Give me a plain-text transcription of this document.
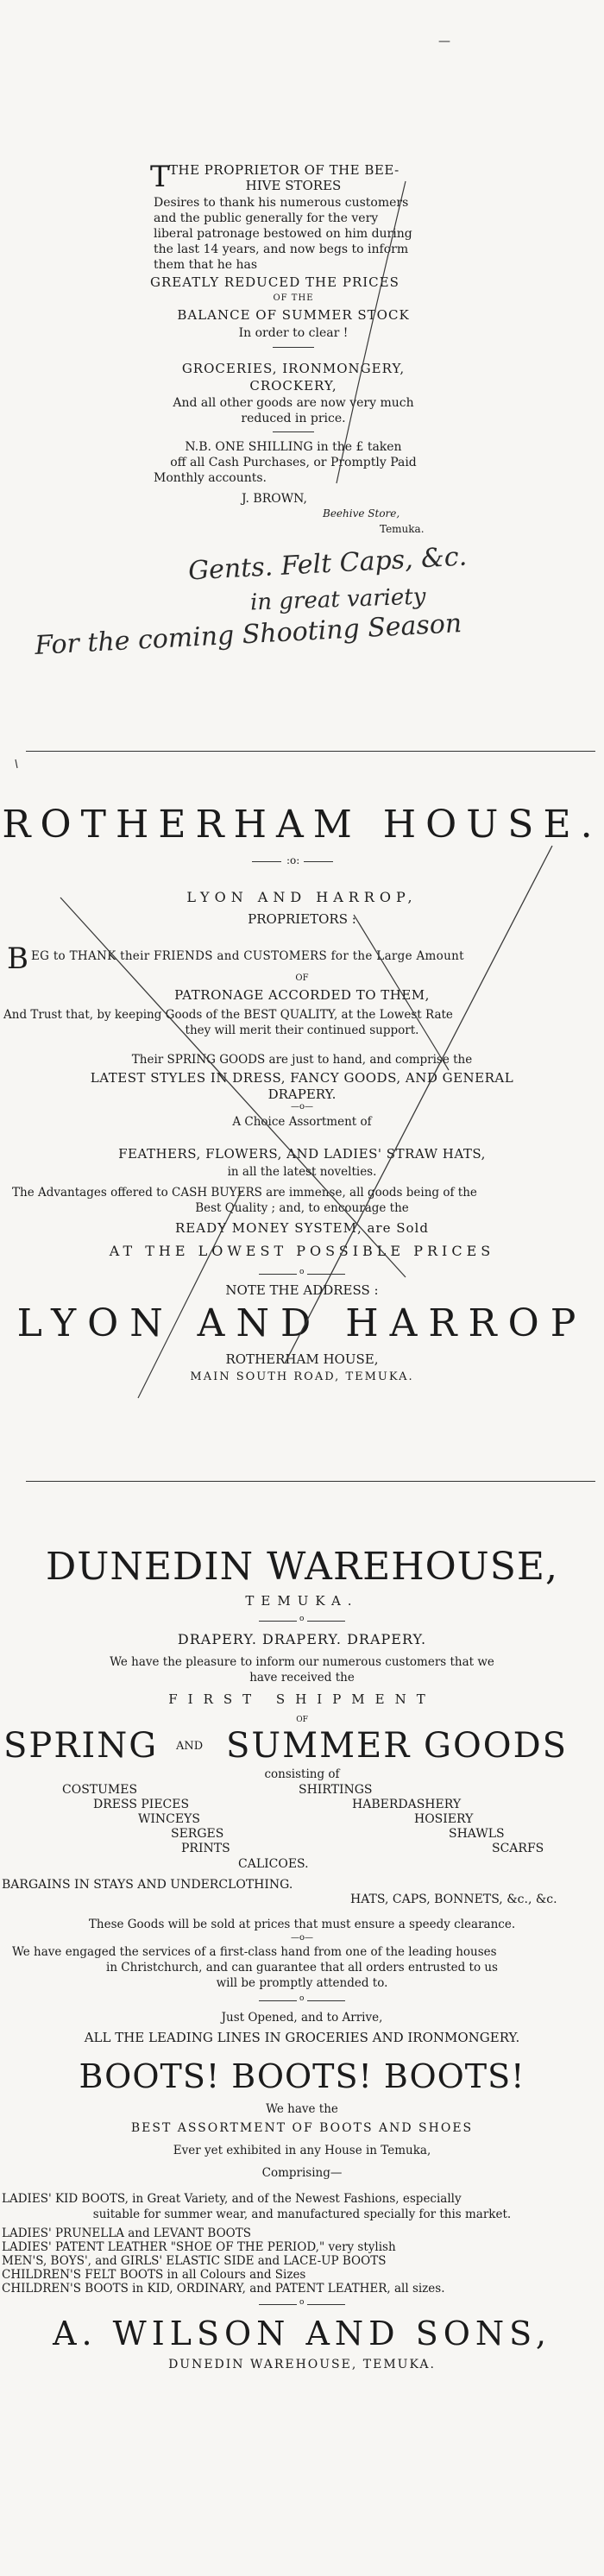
—
T THE PROPRIETOR OF THE BEE-
HIVE STORES
Desires to thank his numerous customers
and the public generally for the very
liberal patronage bestowed on him during
the last 14 years, and now begs to inform
them that he has
GREATLY REDUCED THE PRICES
OF THE
BALANCE OF SUMMER STOCK
In order to clear !
GROCERIES, IRONMONGERY,
CROCKERY,
And all other goods are now very much
reduced in price.
N.B. ONE SHILLING in the £ taken
off all Cash Purchases, or Promptly Paid
Monthly accounts.
J. BROWN,
Beehive Store,
Temuka.
Gents. Felt Caps, &c.
in great variety
For the coming Shooting Season
ROTHERHAM HOUSE.
:o:
LYON AND HARROP,
PROPRIETORS :
B EG to THANK their FRIENDS and CUSTOMERS for the Large Amount
OF
PATRONAGE ACCORDED TO THEM,
And Trust that, by keeping Goods of the BEST QUALITY, at the Lowest Rate
they will merit their continued support.
Their SPRING GOODS are just to hand, and comprise the
LATEST STYLES IN DRESS, FANCY GOODS, AND GENERAL
DRAPERY.
—o—
A Choice Assortment of
FEATHERS, FLOWERS, AND LADIES' STRAW HATS,
in all the latest novelties.
The Advantages offered to CASH BUYERS are immense, all goods being of the
Best Quality ; and, to encourage the
READY MONEY SYSTEM, are Sold
AT THE LOWEST POSSIBLE PRICES
o
NOTE THE ADDRESS :
LYON AND HARROP
ROTHERHAM HOUSE,
MAIN SOUTH ROAD, TEMUKA.
DUNEDIN WAREHOUSE,
TEMUKA.
o
DRAPERY. DRAPERY. DRAPERY.
We have the pleasure to inform our numerous customers that we
have received the
FIRST SHIPMENT
OF
SPRING AND SUMMER GOODS
consisting of
COSTUMES	SHIRTINGS
DRESS PIECES	HABERDASHERY
WINCEYS	HOSIERY
SERGES	SHAWLS
PRINTS	SCARFS
CALICOES.
BARGAINS IN STAYS AND UNDERCLOTHING.
HATS, CAPS, BONNETS, &c., &c.
These Goods will be sold at prices that must ensure a speedy clearance.
—o—
We have engaged the services of a first-class hand from one of the leading houses
in Christchurch, and can guarantee that all orders entrusted to us
will be promptly attended to.
o
Just Opened, and to Arrive,
ALL THE LEADING LINES IN GROCERIES AND IRONMONGERY.
BOOTS! BOOTS! BOOTS!
We have the
BEST ASSORTMENT OF BOOTS AND SHOES
Ever yet exhibited in any House in Temuka,
Comprising—
LADIES' KID BOOTS, in Great Variety, and of the Newest Fashions, especially
suitable for summer wear, and manufactured specially for this market.
LADIES' PRUNELLA and LEVANT BOOTS
LADIES' PATENT LEATHER "SHOE OF THE PERIOD," very stylish
MEN'S, BOYS', and GIRLS' ELASTIC SIDE and LACE-UP BOOTS
CHILDREN'S FELT BOOTS in all Colours and Sizes
CHILDREN'S BOOTS in KID, ORDINARY, and PATENT LEATHER, all sizes.
o
A. WILSON AND SONS,
DUNEDIN WAREHOUSE, TEMUKA.
